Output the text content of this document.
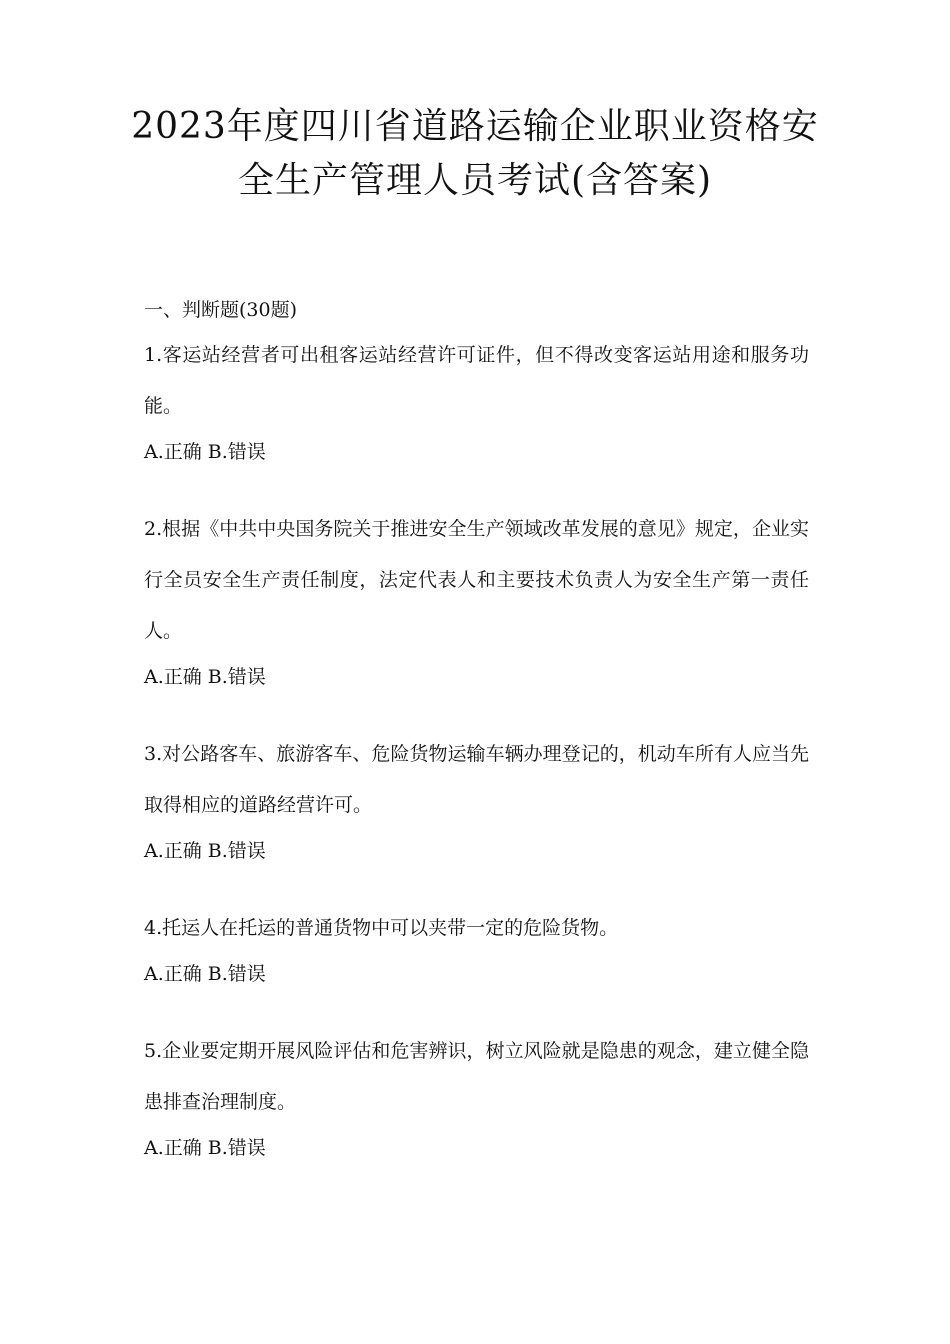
2023年度四川省道路运输企业职业资格安
全生产管理人员考试(含答案)

一、判断题(30题)

1.客运站经营者可出租客运站经营许可证件，但不得改变客运站用途和服务功能。

A.正确 B.错误

2.根据《中共中央国务院关于推进安全生产领域改革发展的意见》规定，企业实行全员安全生产责任制度，法定代表人和主要技术负责人为安全生产第一责任人。

A.正确 B.错误

3.对公路客车、旅游客车、危险货物运输车辆办理登记的，机动车所有人应当先取得相应的道路经营许可。

A.正确 B.错误

4.托运人在托运的普通货物中可以夹带一定的危险货物。

A.正确 B.错误

5.企业要定期开展风险评估和危害辨识，树立风险就是隐患的观念，建立健全隐患排查治理制度。

A.正确 B.错误
